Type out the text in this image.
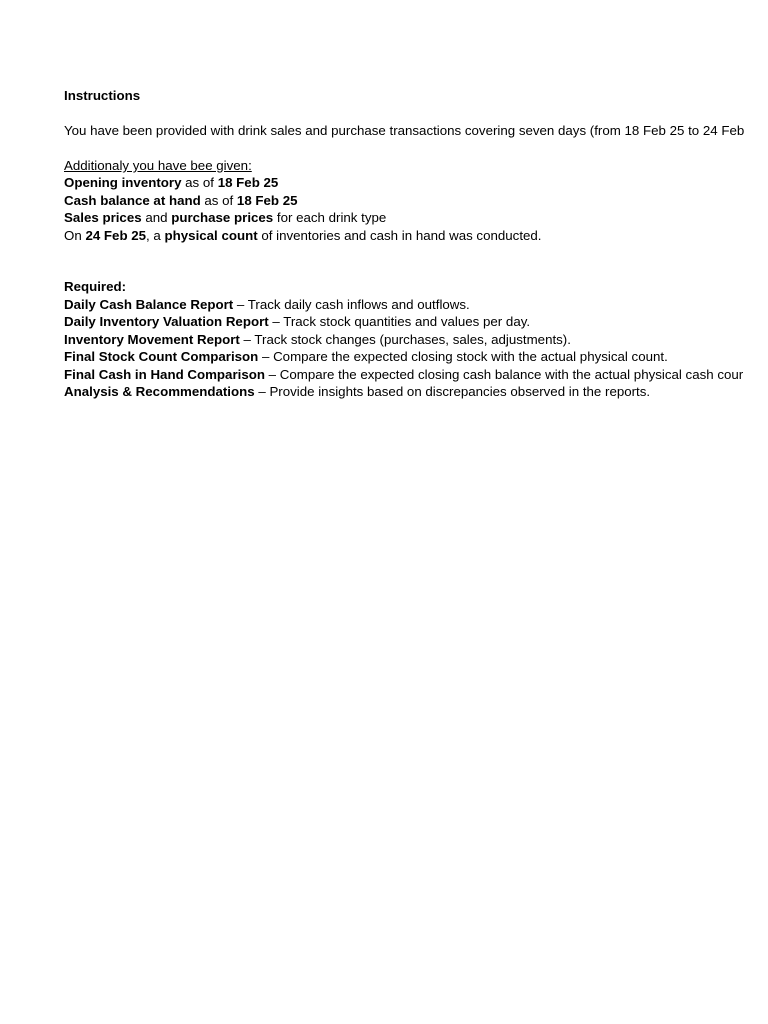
Instructions
You have been provided with drink sales and purchase transactions covering seven days (from 18 Feb 25 to 24 Feb
Additionaly you have bee given:
Opening inventory as of 18 Feb 25
Cash balance at hand as of 18 Feb 25
Sales prices and purchase prices for each drink type
On 24 Feb 25, a physical count of inventories and cash in hand was conducted.
Required:
Daily Cash Balance Report – Track daily cash inflows and outflows.
Daily Inventory Valuation Report – Track stock quantities and values per day.
Inventory Movement Report – Track stock changes (purchases, sales, adjustments).
Final Stock Count Comparison – Compare the expected closing stock with the actual physical count.
Final Cash in Hand Comparison – Compare the expected closing cash balance with the actual physical cash cour
Analysis & Recommendations – Provide insights based on discrepancies observed in the reports.
